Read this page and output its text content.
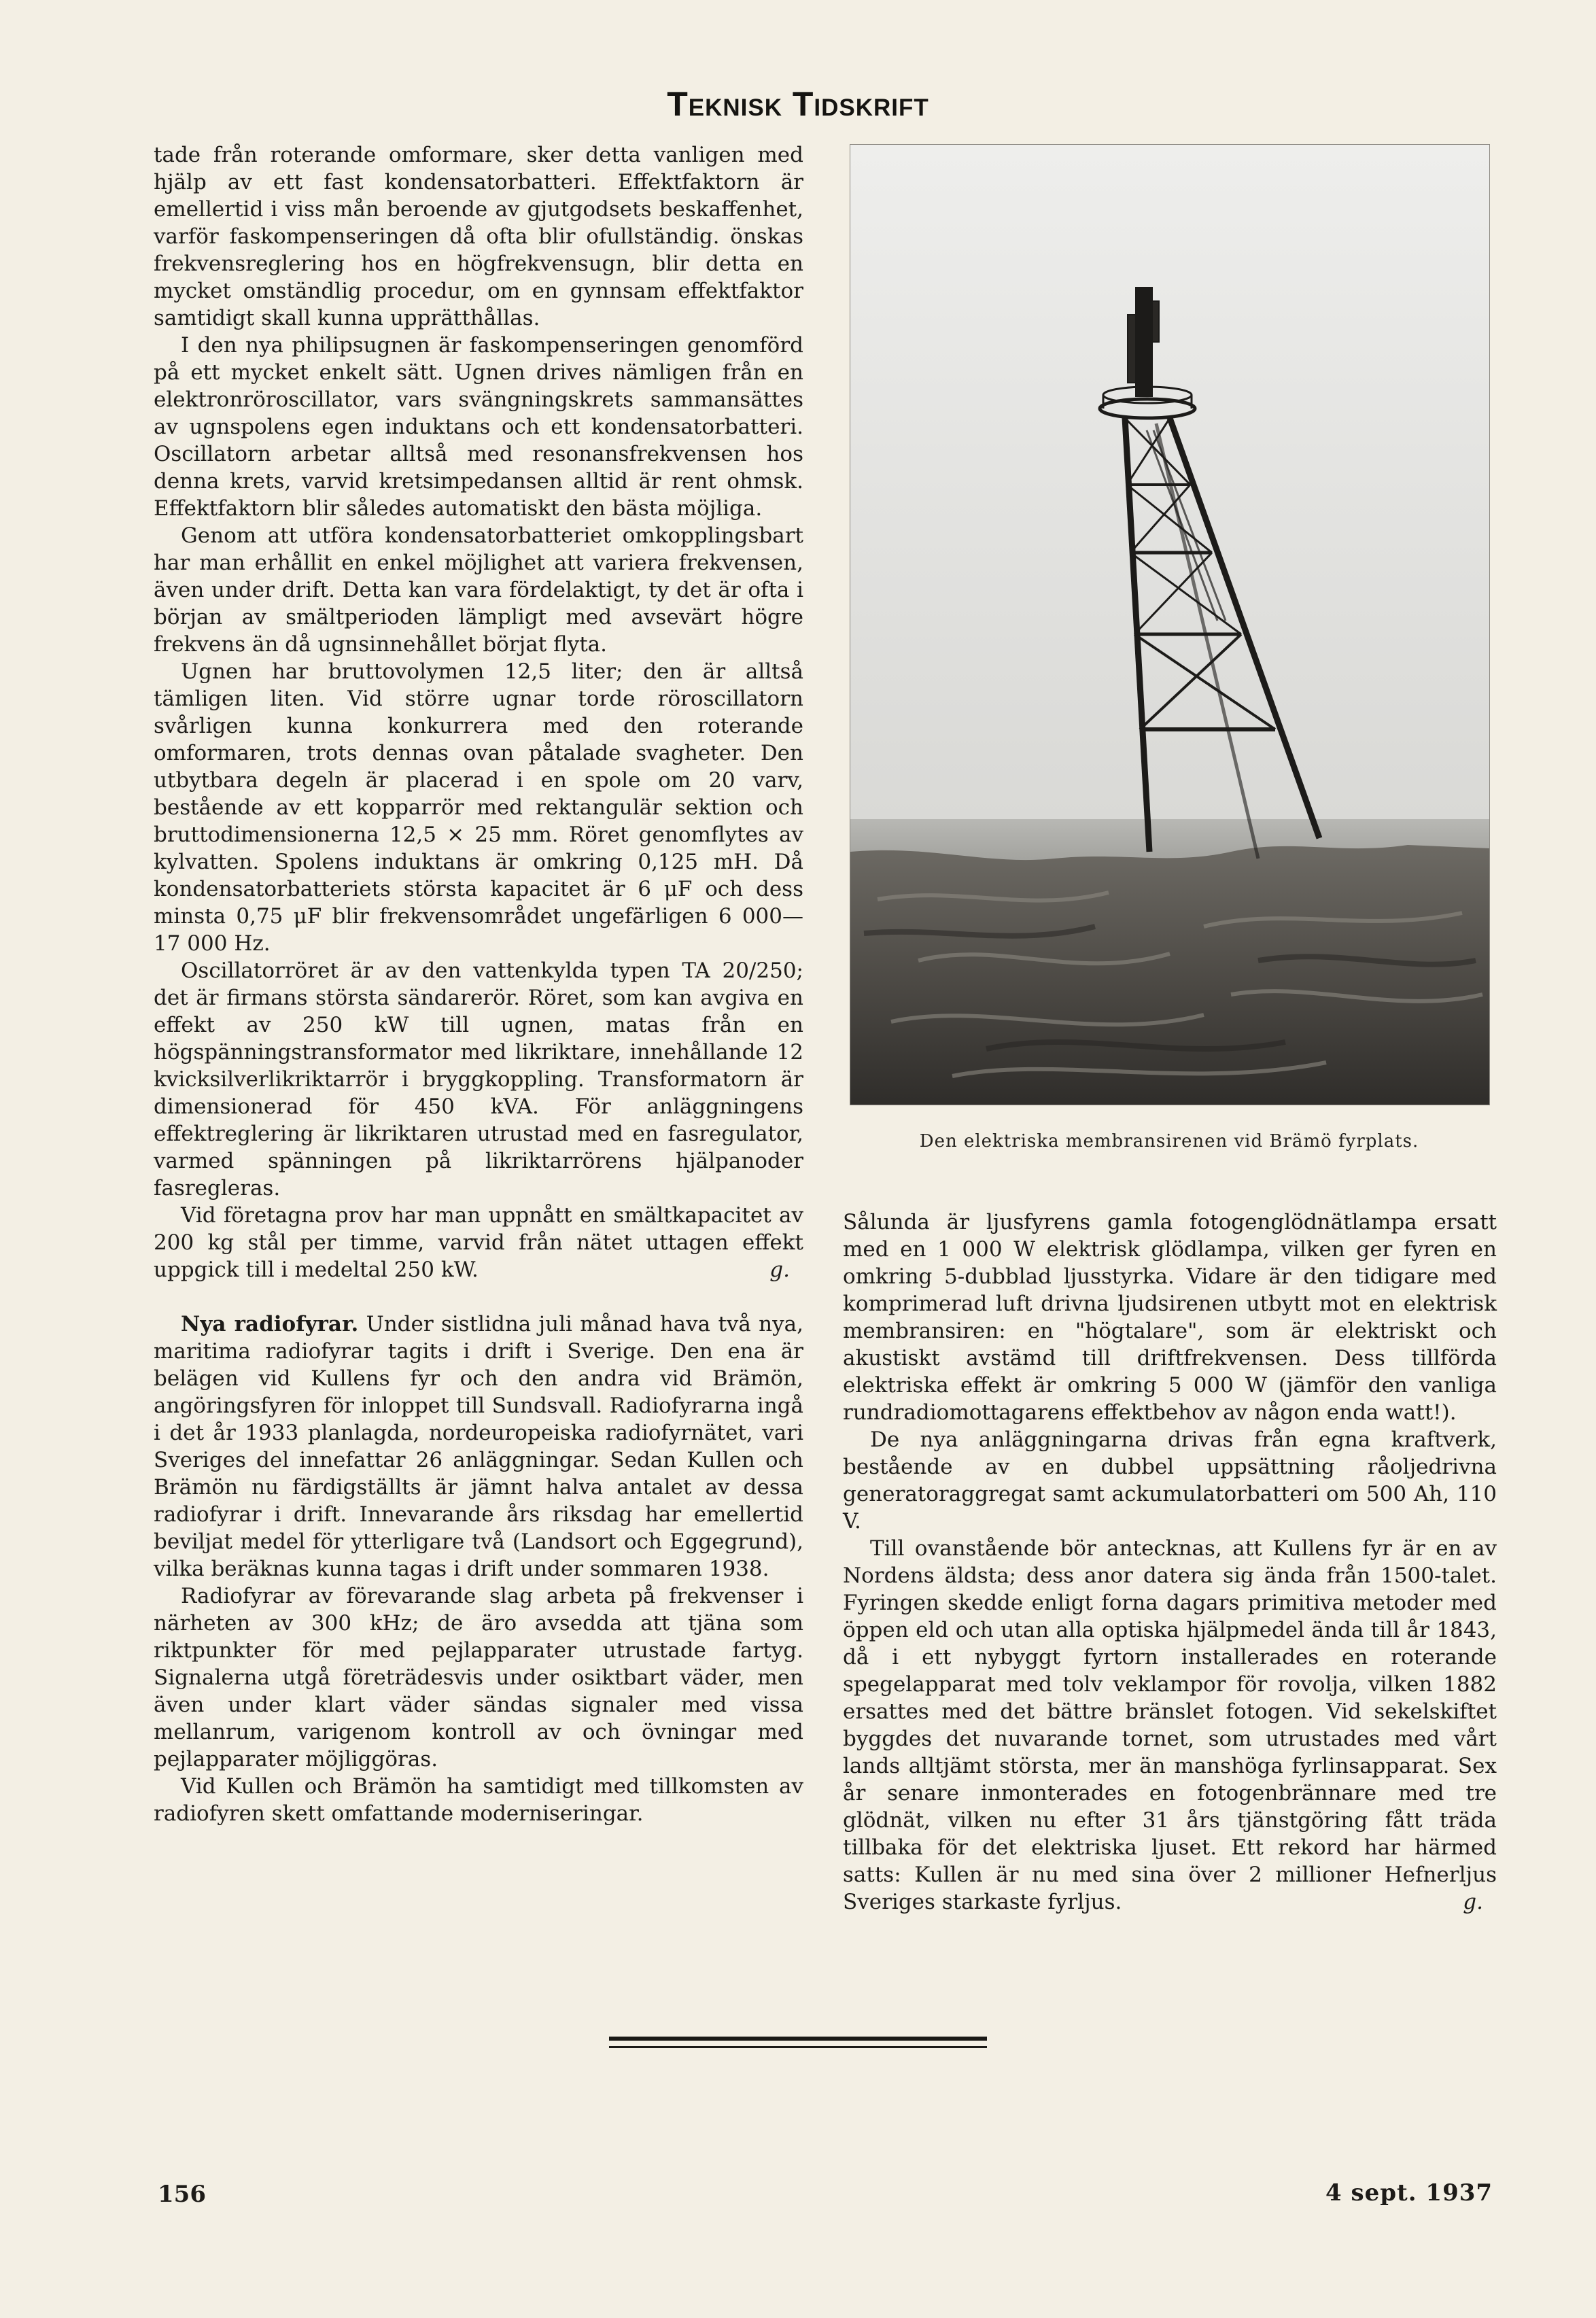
Teknisk Tidskrift

tade från roterande omformare, sker detta vanligen med hjälp av ett fast kondensatorbatteri. Effektfaktorn är emellertid i viss mån beroende av gjutgodsets beskaffenhet, varför faskompenseringen då ofta blir ofullständig. önskas frekvensreglering hos en högfrekvensugn, blir detta en mycket omständlig procedur, om en gynnsam effektfaktor samtidigt skall kunna upprätthållas.

I den nya philipsugnen är faskompenseringen genomförd på ett mycket enkelt sätt. Ugnen drives nämligen från en elektronröroscillator, vars svängningskrets sammansättes av ugnspolens egen induktans och ett kondensatorbatteri. Oscillatorn arbetar alltså med resonansfrekvensen hos denna krets, varvid kretsimpedansen alltid är rent ohmsk. Effektfaktorn blir således automatiskt den bästa möjliga.

Genom att utföra kondensatorbatteriet omkopplingsbart har man erhållit en enkel möjlighet att variera frekvensen, även under drift. Detta kan vara fördelaktigt, ty det är ofta i början av smältperioden lämpligt med avsevärt högre frekvens än då ugnsinnehållet börjat flyta.

Ugnen har bruttovolymen 12,5 liter; den är alltså tämligen liten. Vid större ugnar torde röroscillatorn svårligen kunna konkurrera med den roterande omformaren, trots dennas ovan påtalade svagheter. Den utbytbara degeln är placerad i en spole om 20 varv, bestående av ett kopparrör med rektangulär sektion och bruttodimensionerna 12,5 × 25 mm. Röret genomflytes av kylvatten. Spolens induktans är omkring 0,125 mH. Då kondensatorbatteriets största kapacitet är 6 μF och dess minsta 0,75 μF blir frekvensområdet ungefärligen 6 000—17 000 Hz.

Oscillatorröret är av den vattenkylda typen TA 20/250; det är firmans största sändarerör. Röret, som kan avgiva en effekt av 250 kW till ugnen, matas från en högspänningstransformator med likriktare, innehållande 12 kvicksilverlikriktarrör i bryggkoppling. Transformatorn är dimensionerad för 450 kVA. För anläggningens effektreglering är likriktaren utrustad med en fasregulator, varmed spänningen på likriktarrörens hjälpanoder fasregleras.

Vid företagna prov har man uppnått en smältkapacitet av 200 kg stål per timme, varvid från nätet uttagen effekt uppgick till i medeltal 250 kW.	g.

Nya radiofyrar. Under sistlidna juli månad hava två nya, maritima radiofyrar tagits i drift i Sverige. Den ena är belägen vid Kullens fyr och den andra vid Brämön, angöringsfyren för inloppet till Sundsvall. Radiofyrarna ingå i det år 1933 planlagda, nordeuropeiska radiofyrnätet, vari Sveriges del innefattar 26 anläggningar. Sedan Kullen och Brämön nu färdigställts är jämnt halva antalet av dessa radiofyrar i drift. Innevarande års riksdag har emellertid beviljat medel för ytterligare två (Landsort och Eggegrund), vilka beräknas kunna tagas i drift under sommaren 1938.

Radiofyrar av förevarande slag arbeta på frekvenser i närheten av 300 kHz; de äro avsedda att tjäna som riktpunkter för med pejlapparater utrustade fartyg. Signalerna utgå företrädesvis under osiktbart väder, men även under klart väder sändas signaler med vissa mellanrum, varigenom kontroll av och övningar med pejlapparater möjliggöras.

Vid Kullen och Brämön ha samtidigt med tillkomsten av radiofyren skett omfattande moderniseringar.

Den elektriska membransirenen vid Brämö fyrplats.

Sålunda är ljusfyrens gamla fotogenglödnätlampa ersatt med en 1 000 W elektrisk glödlampa, vilken ger fyren en omkring 5-dubblad ljusstyrka. Vidare är den tidigare med komprimerad luft drivna ljudsirenen utbytt mot en elektrisk membransiren: en "högtalare", som är elektriskt och akustiskt avstämd till driftfrekvensen. Dess tillförda elektriska effekt är omkring 5 000 W (jämför den vanliga rundradiomottagarens effektbehov av någon enda watt!).

De nya anläggningarna drivas från egna kraftverk, bestående av en dubbel uppsättning råoljedrivna generatoraggregat samt ackumulatorbatteri om 500 Ah, 110 V.

Till ovanstående bör antecknas, att Kullens fyr är en av Nordens äldsta; dess anor datera sig ända från 1500-talet. Fyringen skedde enligt forna dagars primitiva metoder med öppen eld och utan alla optiska hjälpmedel ända till år 1843, då i ett nybyggt fyrtorn installerades en roterande spegelapparat med tolv veklampor för rovolja, vilken 1882 ersattes med det bättre bränslet fotogen. Vid sekelskiftet byggdes det nuvarande tornet, som utrustades med vårt lands alltjämt största, mer än manshöga fyrlinsapparat. Sex år senare inmonterades en fotogenbrännare med tre glödnät, vilken nu efter 31 års tjänstgöring fått träda tillbaka för det elektriska ljuset. Ett rekord har härmed satts: Kullen är nu med sina över 2 millioner Hefnerljus Sveriges starkaste fyrljus.	g.

156	4 sept. 1937
